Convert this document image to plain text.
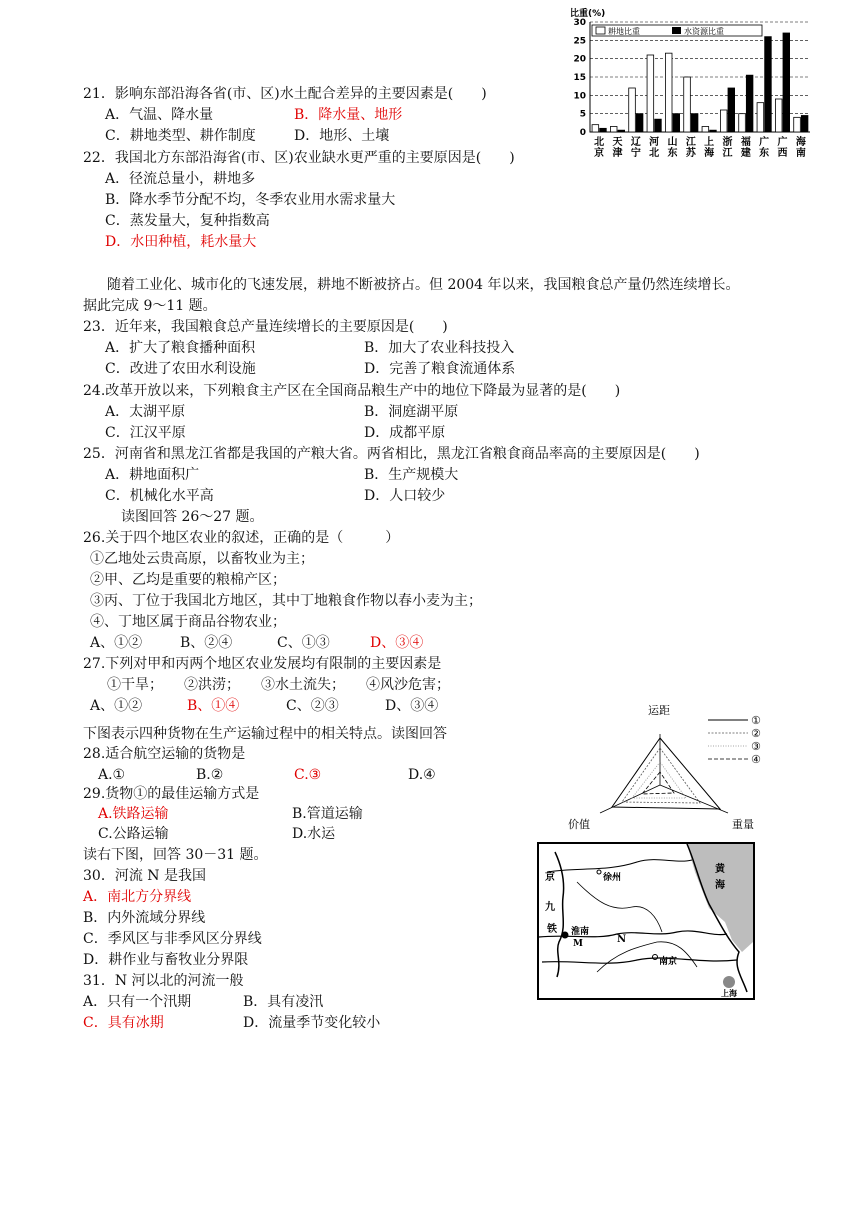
21．影响东部沿海各省(市、区)水土配合差异的主要因素是(　　)
A．气温、降水量	B．降水量、地形
C．耕地类型、耕作制度	D．地形、土壤
22．我国北方东部沿海省(市、区)农业缺水更严重的主要原因是(　　)
A．径流总量小，耕地多
B．降水季节分配不均，冬季农业用水需求量大
C．蒸发量大，复种指数高
D．水田种植，耗水量大
随着工业化、城市化的飞速发展，耕地不断被挤占。但 2004 年以来，我国粮食总产量仍然连续增长。
据此完成 9～11 题。
23．近年来，我国粮食总产量连续增长的主要原因是(　　)
A．扩大了粮食播种面积	B．加大了农业科技投入
C．改进了农田水利设施	D．完善了粮食流通体系
24.改革开放以来，下列粮食主产区在全国商品粮生产中的地位下降最为显著的是(　　)
A．太湖平原	B．洞庭湖平原
C．江汉平原	D．成都平原
25．河南省和黑龙江省都是我国的产粮大省。两省相比，黑龙江省粮食商品率高的主要原因是(　　)
A．耕地面积广	B．生产规模大
C．机械化水平高	D．人口较少
读图回答 26～27 题。
26.关于四个地区农业的叙述，正确的是（　　　）
①乙地处云贵高原，以畜牧业为主；
②甲、乙均是重要的粮棉产区；
③丙、丁位于我国北方地区，其中丁地粮食作物以春小麦为主；
④、丁地区属于商品谷物农业；
A、①②	B、②④	C、①③	D、③④
27.下列对甲和丙两个地区农业发展均有限制的主要因素是
①干旱；　　②洪涝；　　③水土流失；　　④风沙危害；
A、①②	B、①④	C、②③	D、③④
下图表示四种货物在生产运输过程中的相关特点。读图回答
28.适合航空运输的货物是
A.①	B.②	C.③	D.④
29.货物①的最佳运输方式是
A.铁路运输	B.管道运输
C.公路运输	D.水运
读右下图，回答 30－31 题。
30．河流 N 是我国
A．南北方分界线
B．内外流域分界线
C．季风区与非季风区分界线
D．耕作业与畜牧业分界限
31．N 河以北的河流一般
A．只有一个汛期	B．具有凌汛
C．具有冰期	D．流量季节变化较小
比重(%)
0
5
10
15
20
25
30
北
京
天
津
辽
宁
河
北
山
东
江
苏
上
海
浙
江
福
建
广
东
广
西
海
南
耕地比重	水资源比重
运距
价值	重量
①
②
③
④
京
九
徐州
黄
海
淮南
M	N
铁
南京
上海
